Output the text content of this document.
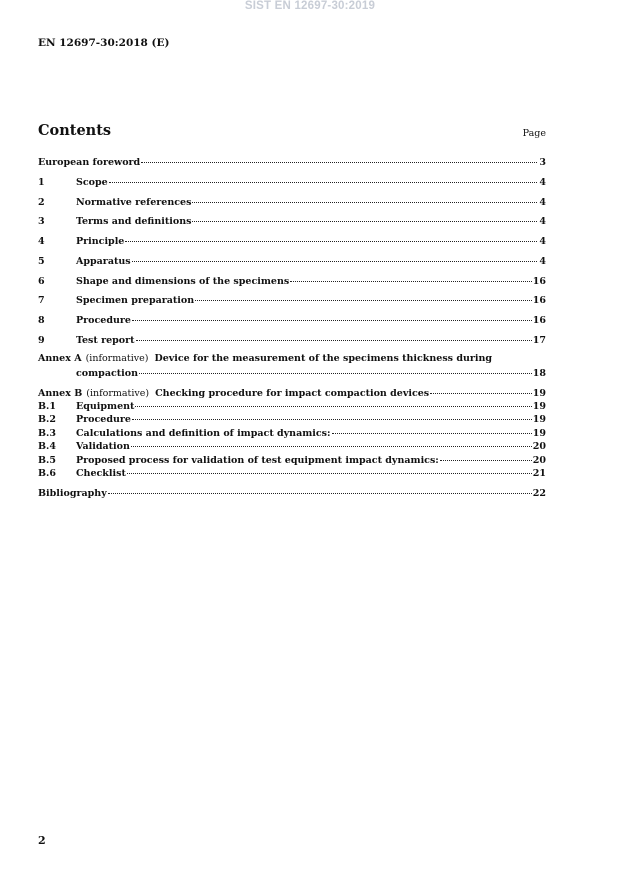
SIST EN 12697-30:2019
EN 12697-30:2018 (E)
Contents	Page
European foreword	3
1	Scope	4
2	Normative references	4
3	Terms and definitions	4
4	Principle	4
5	Apparatus	4
6	Shape and dimensions of the specimens	16
7	Specimen preparation	16
8	Procedure	16
9	Test report	17
Annex A (informative) Device for the measurement of the specimens thickness during
compaction	18
Annex B (informative) Checking procedure for impact compaction devices	19
B.1	Equipment	19
B.2	Procedure	19
B.3	Calculations and definition of impact dynamics:	19
B.4	Validation	20
B.5	Proposed process for validation of test equipment impact dynamics:	20
B.6	Checklist	21
Bibliography	22
2
